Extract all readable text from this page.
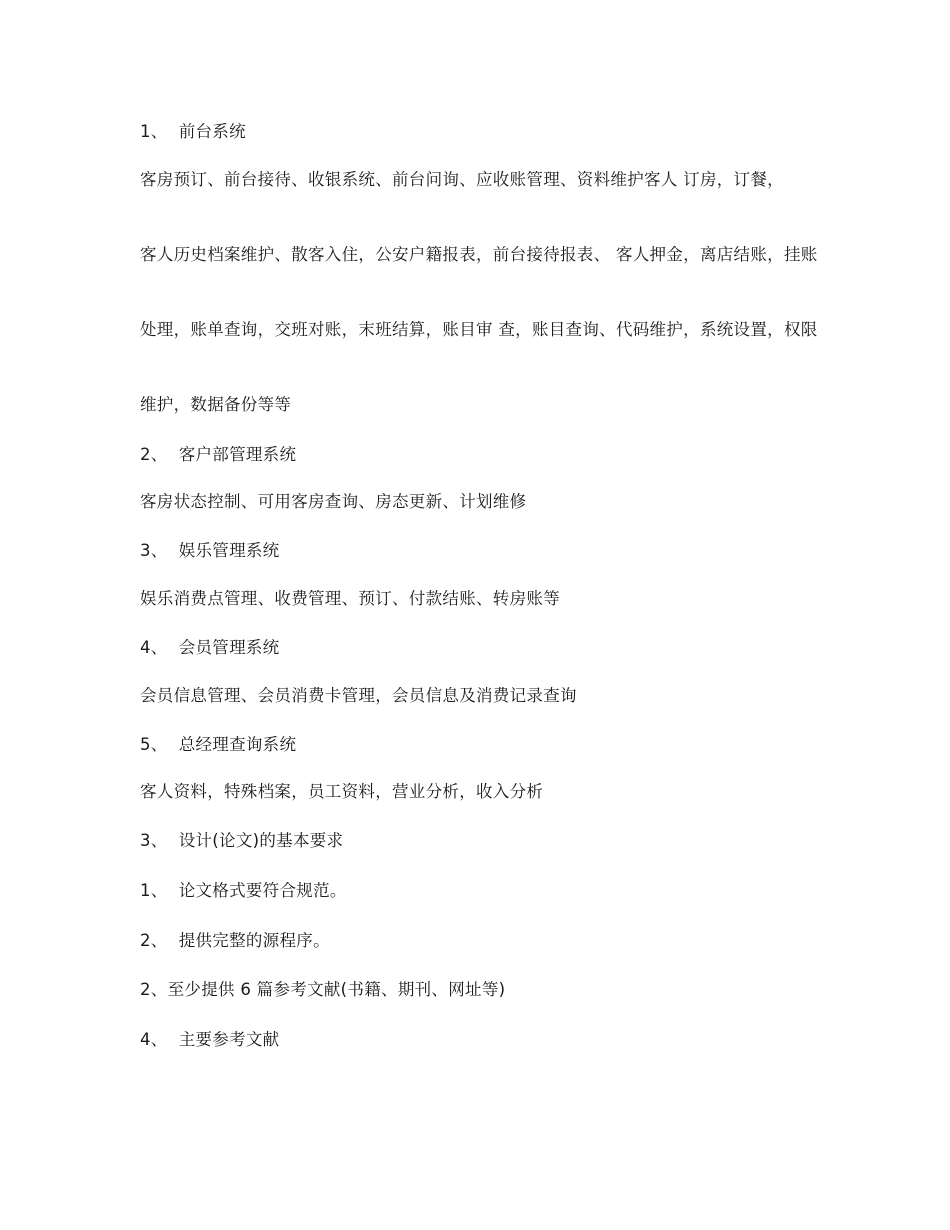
1、  前台系统
客房预订、前台接待、收银系统、前台问询、应收账管理、资料维护客人 订房，订餐，
客人历史档案维护、散客入住，公安户籍报表，前台接待报表、 客人押金，离店结账，挂账
处理，账单查询，交班对账，末班结算，账目审 查，账目查询、代码维护，系统设置，权限
维护，数据备份等等
2、  客户部管理系统
客房状态控制、可用客房查询、房态更新、计划维修
3、  娱乐管理系统
娱乐消费点管理、收费管理、预订、付款结账、转房账等
4、  会员管理系统
会员信息管理、会员消费卡管理，会员信息及消费记录查询
5、  总经理查询系统
客人资料，特殊档案，员工资料，营业分析，收入分析
3、  设计(论文)的基本要求
1、  论文格式要符合规范。
2、  提供完整的源程序。
2、至少提供 6 篇参考文献(书籍、期刊、网址等)
4、  主要参考文献
